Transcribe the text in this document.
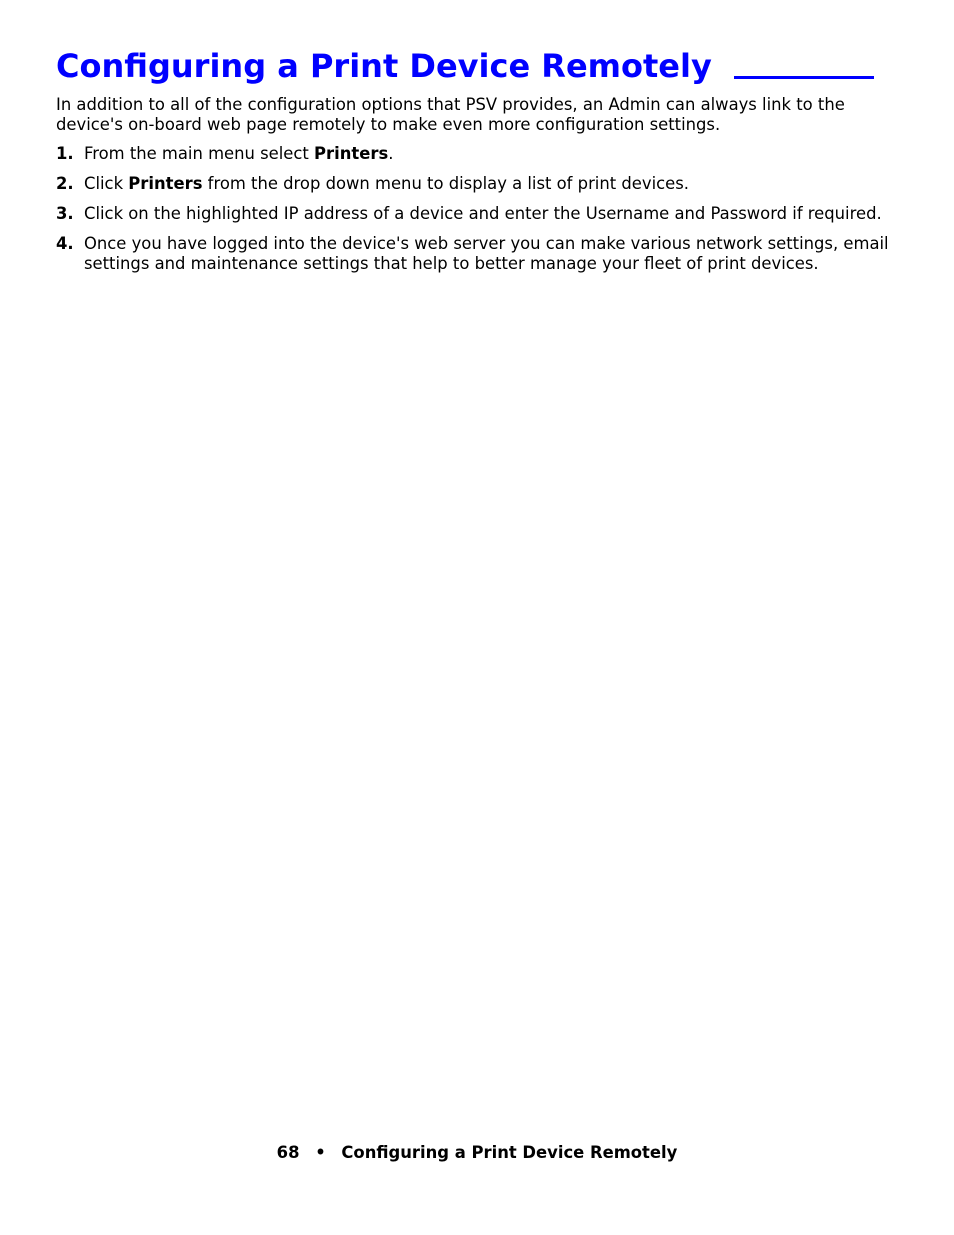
Configuring a Print Device Remotely

In addition to all of the configuration options that PSV provides, an Admin can always link to the device's on-board web page remotely to make even more configuration settings.

1. From the main menu select Printers.
2. Click Printers from the drop down menu to display a list of print devices.
3. Click on the highlighted IP address of a device and enter the Username and Password if required.
4. Once you have logged into the device's web server you can make various network settings, email settings and maintenance settings that help to better manage your fleet of print devices.
68 • Configuring a Print Device Remotely
